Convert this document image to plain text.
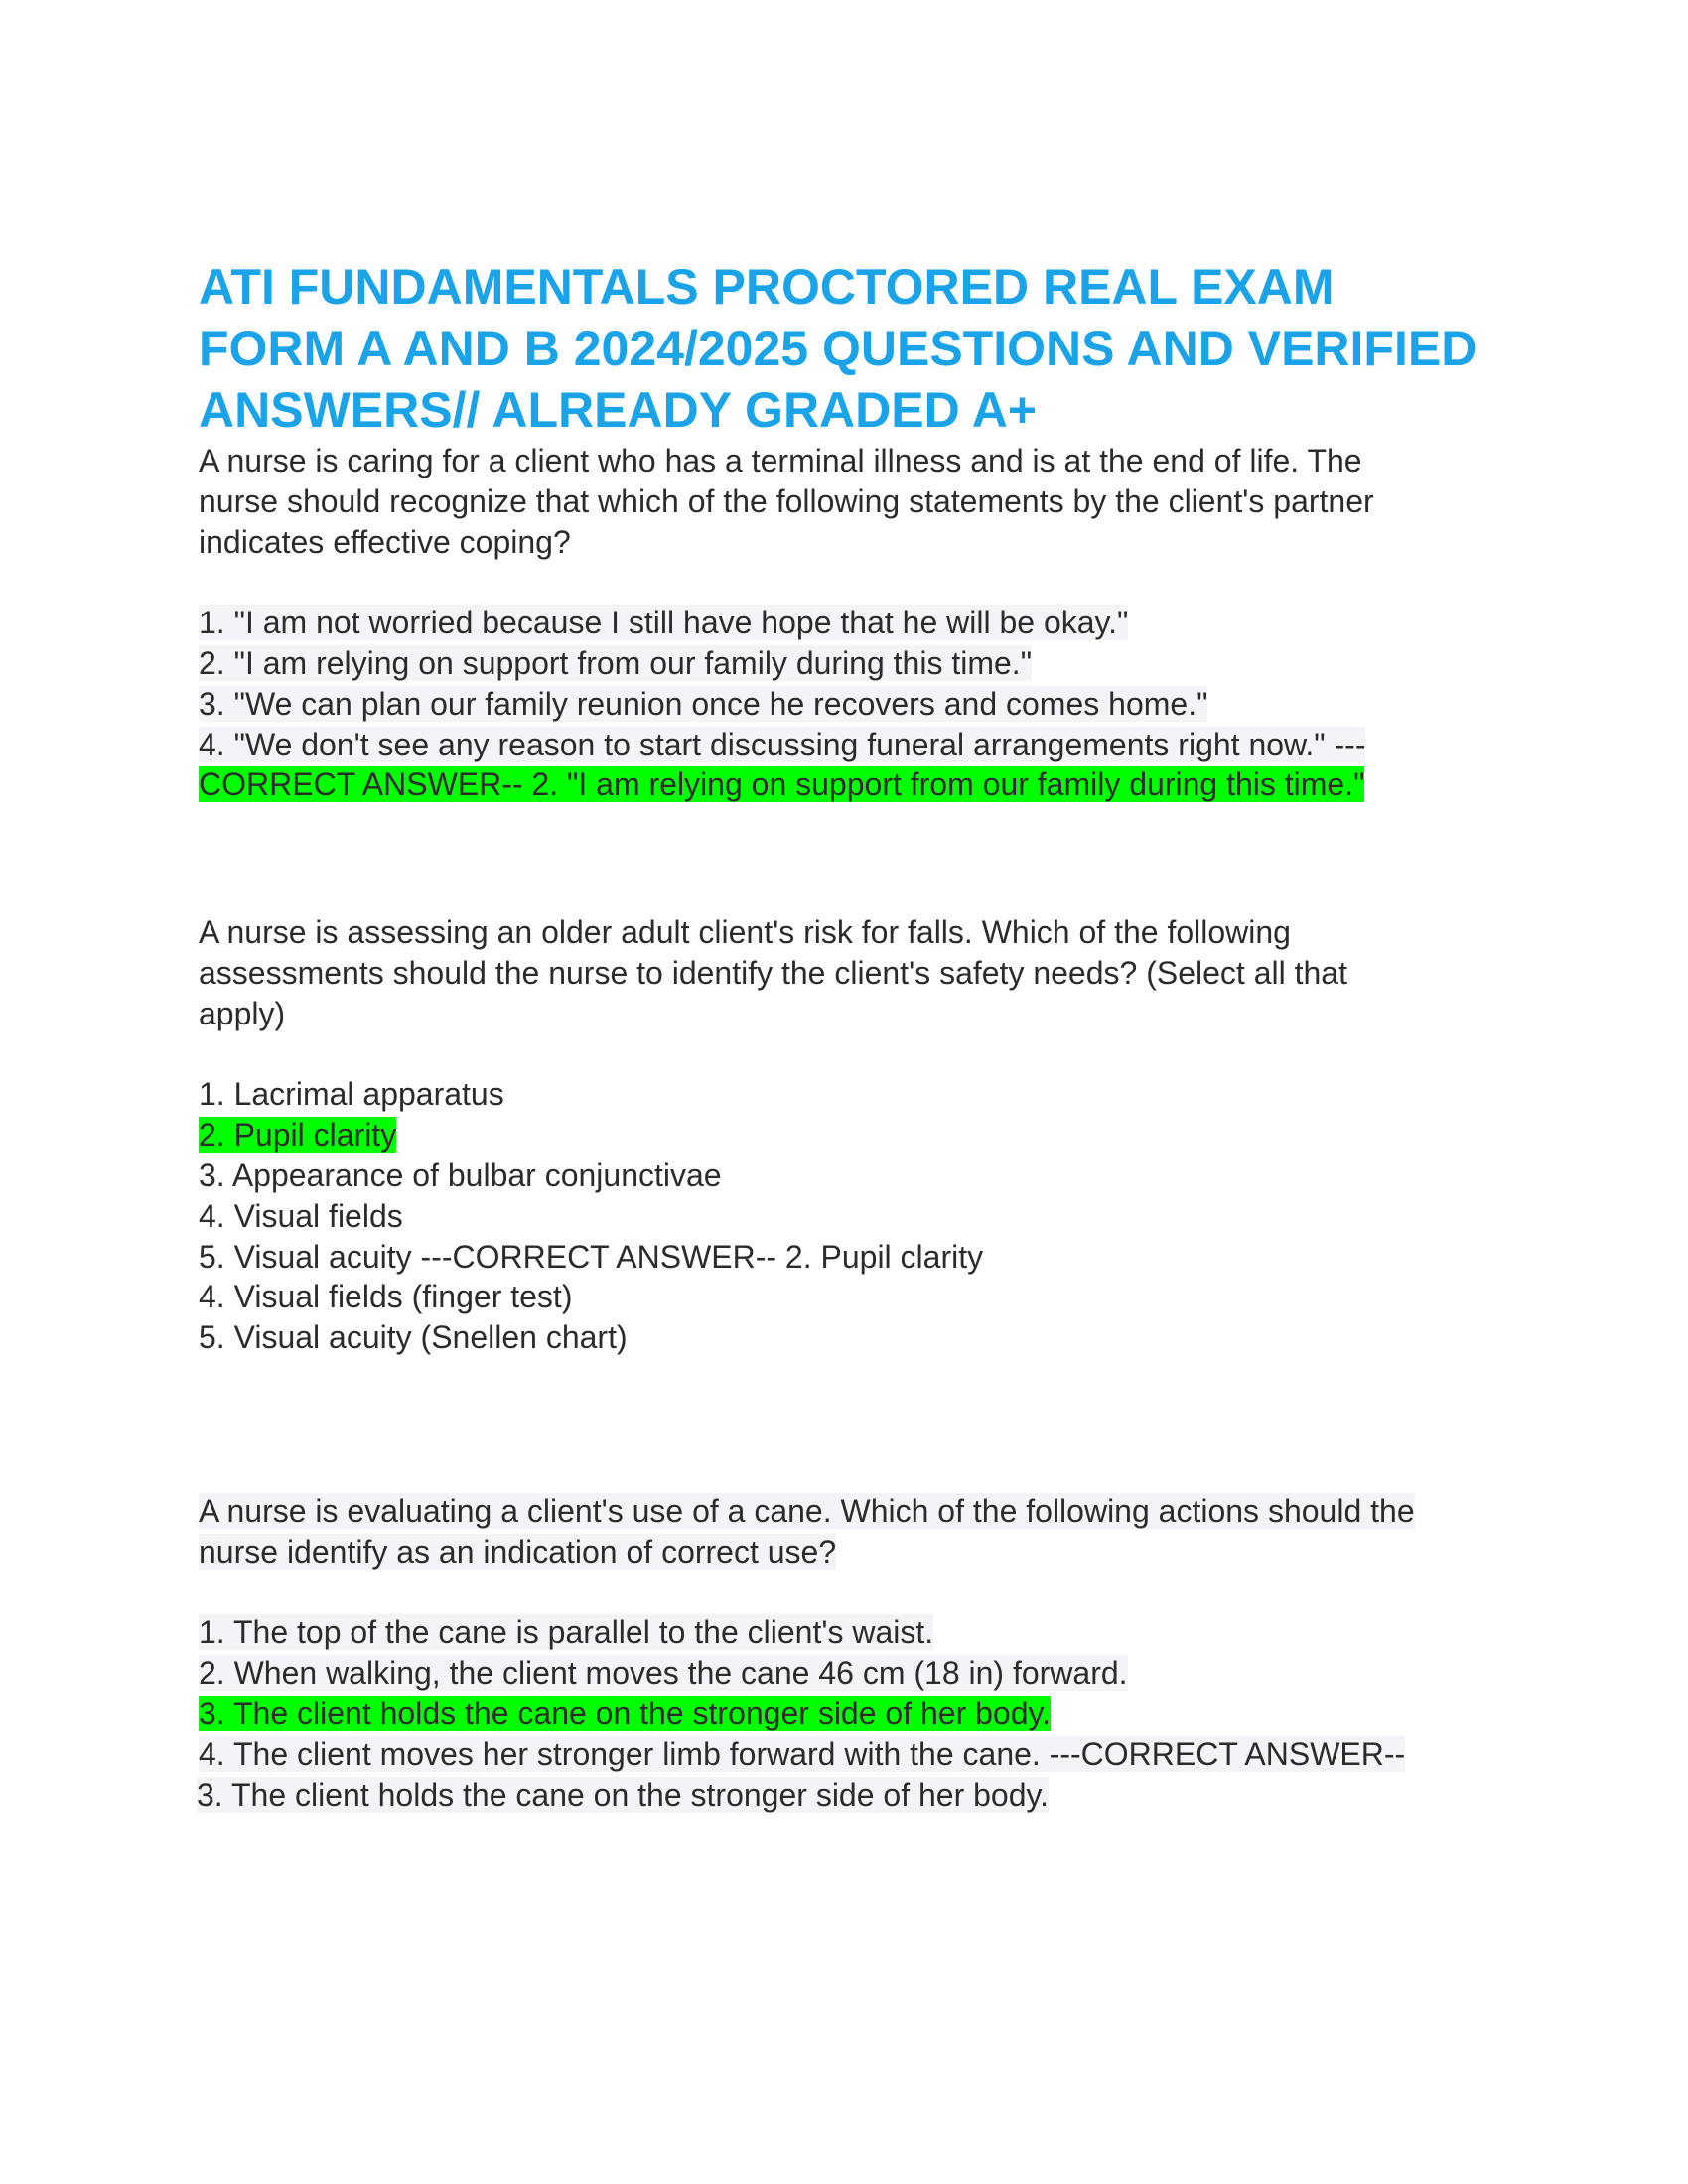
ATI FUNDAMENTALS PROCTORED REAL EXAM
FORM A AND B 2024/2025 QUESTIONS AND VERIFIED
ANSWERS// ALREADY GRADED A+
A nurse is caring for a client who has a terminal illness and is at the end of life. The
nurse should recognize that which of the following statements by the client's partner
indicates effective coping?
1. "I am not worried because I still have hope that he will be okay."
2. "I am relying on support from our family during this time."
3. "We can plan our family reunion once he recovers and comes home."
4. "We don't see any reason to start discussing funeral arrangements right now." ---
CORRECT ANSWER-- 2. "I am relying on support from our family during this time."
A nurse is assessing an older adult client's risk for falls. Which of the following
assessments should the nurse to identify the client's safety needs? (Select all that
apply)
1. Lacrimal apparatus
2. Pupil clarity
3. Appearance of bulbar conjunctivae
4. Visual fields
5. Visual acuity ---CORRECT ANSWER-- 2. Pupil clarity
4. Visual fields (finger test)
5. Visual acuity (Snellen chart)
A nurse is evaluating a client's use of a cane. Which of the following actions should the
nurse identify as an indication of correct use?
1. The top of the cane is parallel to the client's waist.
2. When walking, the client moves the cane 46 cm (18 in) forward.
3. The client holds the cane on the stronger side of her body.
4. The client moves her stronger limb forward with the cane. ---CORRECT ANSWER--
3. The client holds the cane on the stronger side of her body.
